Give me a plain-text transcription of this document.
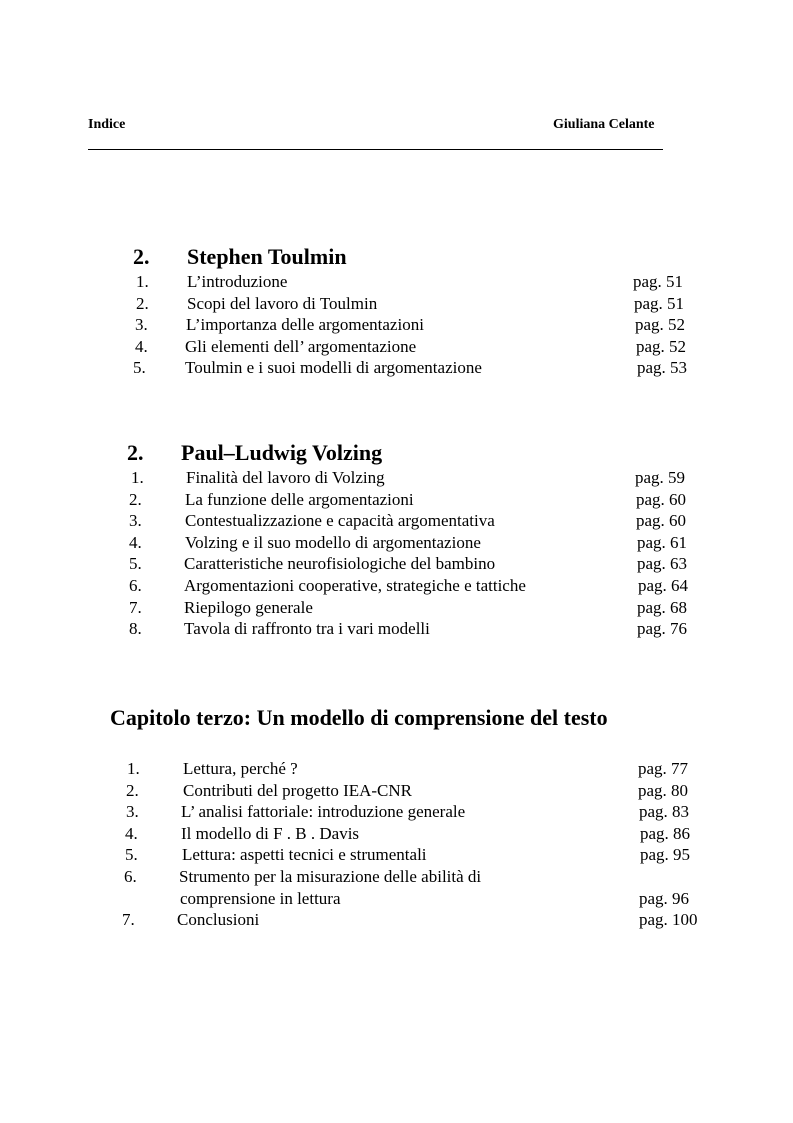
Indice	Giuliana Celante
2. Stephen Toulmin
1. L’introduzione	pag. 51
2. Scopi del lavoro di Toulmin	pag. 51
3. L’importanza delle argomentazioni	pag. 52
4. Gli elementi dell’ argomentazione	pag. 52
5. Toulmin e i suoi modelli di argomentazione	pag. 53
2. Paul–Ludwig Volzing
1. Finalità del lavoro di Volzing	pag. 59
2.	La funzione delle argomentazioni	pag. 60
3.	Contestualizzazione e capacità argomentativa	pag. 60
4.	Volzing e il suo modello di argomentazione	pag. 61
5. Caratteristiche neurofisiologiche del bambino	pag. 63
6. Argomentazioni cooperative, strategiche e tattiche	pag. 64
7. Riepilogo generale	pag. 68
8. Tavola di raffronto tra i vari modelli	pag. 76
Capitolo terzo: Un modello di comprensione del testo
1.	Lettura, perché ?	pag. 77
2.	Contributi del progetto IEA-CNR	pag. 80
3. L’ analisi fattoriale: introduzione generale	pag. 83
4.	Il modello di F . B . Davis	pag. 86
5.	Lettura: aspetti tecnici e strumentali	pag. 95
6. Strumento per la misurazione delle abilità di
comprensione in lettura	pag. 96
7. Conclusioni	pag. 100
